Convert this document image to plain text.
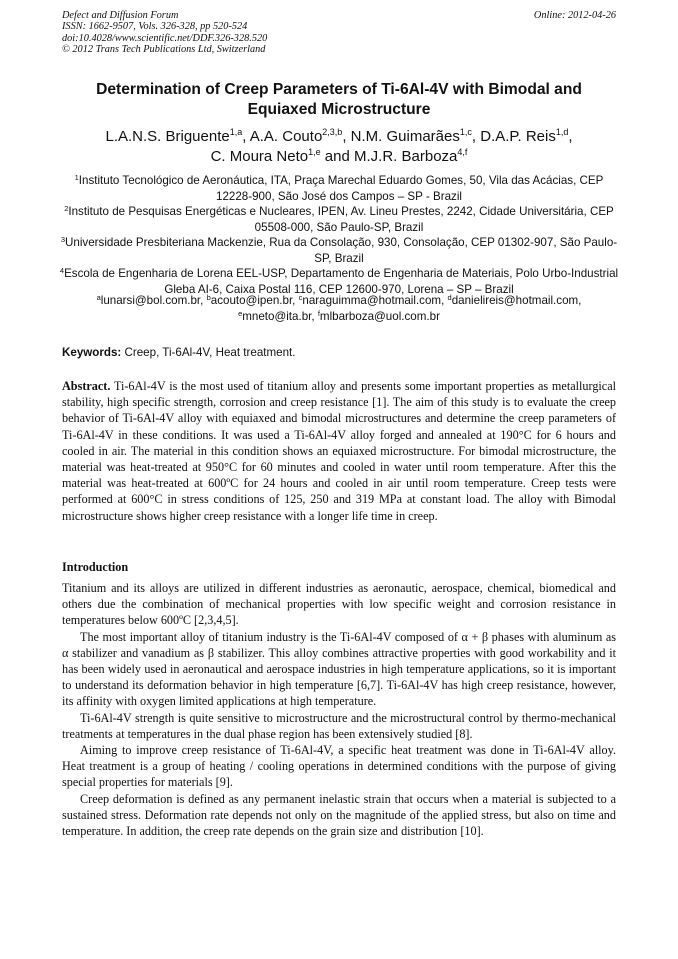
Defect and Diffusion Forum
ISSN: 1662-9507, Vols. 326-328, pp 520-524
doi:10.4028/www.scientific.net/DDF.326-328.520
© 2012 Trans Tech Publications Ltd, Switzerland
Online: 2012-04-26
Determination of Creep Parameters of Ti-6Al-4V with Bimodal and Equiaxed Microstructure
L.A.N.S. Briguente$^{1,a}$, A.A. Couto$^{2,3,b}$, N.M. Guimarães$^{1,c}$, D.A.P. Reis$^{1,d}$,
C. Moura Neto$^{1,e}$ and M.J.R. Barboza$^{4,f}$
$^1$Instituto Tecnológico de Aeronáutica, ITA, Praça Marechal Eduardo Gomes, 50, Vila das Acácias, CEP 12228-900, São José dos Campos – SP - Brazil
$^2$Instituto de Pesquisas Energéticas e Nucleares, IPEN, Av. Lineu Prestes, 2242, Cidade Universitária, CEP 05508-000, São Paulo-SP, Brazil
$^3$Universidade Presbiteriana Mackenzie, Rua da Consolação, 930, Consolação, CEP 01302-907, São Paulo-SP, Brazil
$^4$Escola de Engenharia de Lorena EEL-USP, Departamento de Engenharia de Materiais, Polo Urbo-Industrial Gleba AI-6, Caixa Postal 116, CEP 12600-970, Lorena – SP – Brazil
$^a$lunarsi@bol.com.br, $^b$acouto@ipen.br, $^c$naraguimma@hotmail.com, $^d$danielireis@hotmail.com,
$^e$mneto@ita.br, $^f$mlbarboza@uol.com.br
Keywords: Creep, Ti-6Al-4V, Heat treatment.
Abstract. Ti-6Al-4V is the most used of titanium alloy and presents some important properties as metallurgical stability, high specific strength, corrosion and creep resistance [1]. The aim of this study is to evaluate the creep behavior of Ti-6Al-4V alloy with equiaxed and bimodal microstructures and determine the creep parameters of Ti-6Al-4V in these conditions. It was used a Ti-6Al-4V alloy forged and annealed at 190°C for 6 hours and cooled in air. The material in this condition shows an equiaxed microstructure. For bimodal microstructure, the material was heat-treated at 950°C for 60 minutes and cooled in water until room temperature. After this the material was heat-treated at 600ºC for 24 hours and cooled in air until room temperature. Creep tests were performed at 600°C in stress conditions of 125, 250 and 319 MPa at constant load. The alloy with Bimodal microstructure shows higher creep resistance with a longer life time in creep.
Introduction

Titanium and its alloys are utilized in different industries as aeronautic, aerospace, chemical, biomedical and others due the combination of mechanical properties with low specific weight and corrosion resistance in temperatures below 600ºC [2,3,4,5].

The most important alloy of titanium industry is the Ti-6Al-4V composed of α + β phases with aluminum as α stabilizer and vanadium as β stabilizer. This alloy combines attractive properties with good workability and it has been widely used in aeronautical and aerospace industries in high temperature applications, so it is important to understand its deformation behavior in high temperature [6,7]. Ti-6Al-4V has high creep resistance, however, its affinity with oxygen limited applications at high temperature.

Ti-6Al-4V strength is quite sensitive to microstructure and the microstructural control by thermo-mechanical treatments at temperatures in the dual phase region has been extensively studied [8].

Aiming to improve creep resistance of Ti-6Al-4V, a specific heat treatment was done in Ti-6Al-4V alloy. Heat treatment is a group of heating / cooling operations in determined conditions with the purpose of giving special properties for materials [9].

Creep deformation is defined as any permanent inelastic strain that occurs when a material is subjected to a sustained stress. Deformation rate depends not only on the magnitude of the applied stress, but also on time and temperature. In addition, the creep rate depends on the grain size and distribution [10].
